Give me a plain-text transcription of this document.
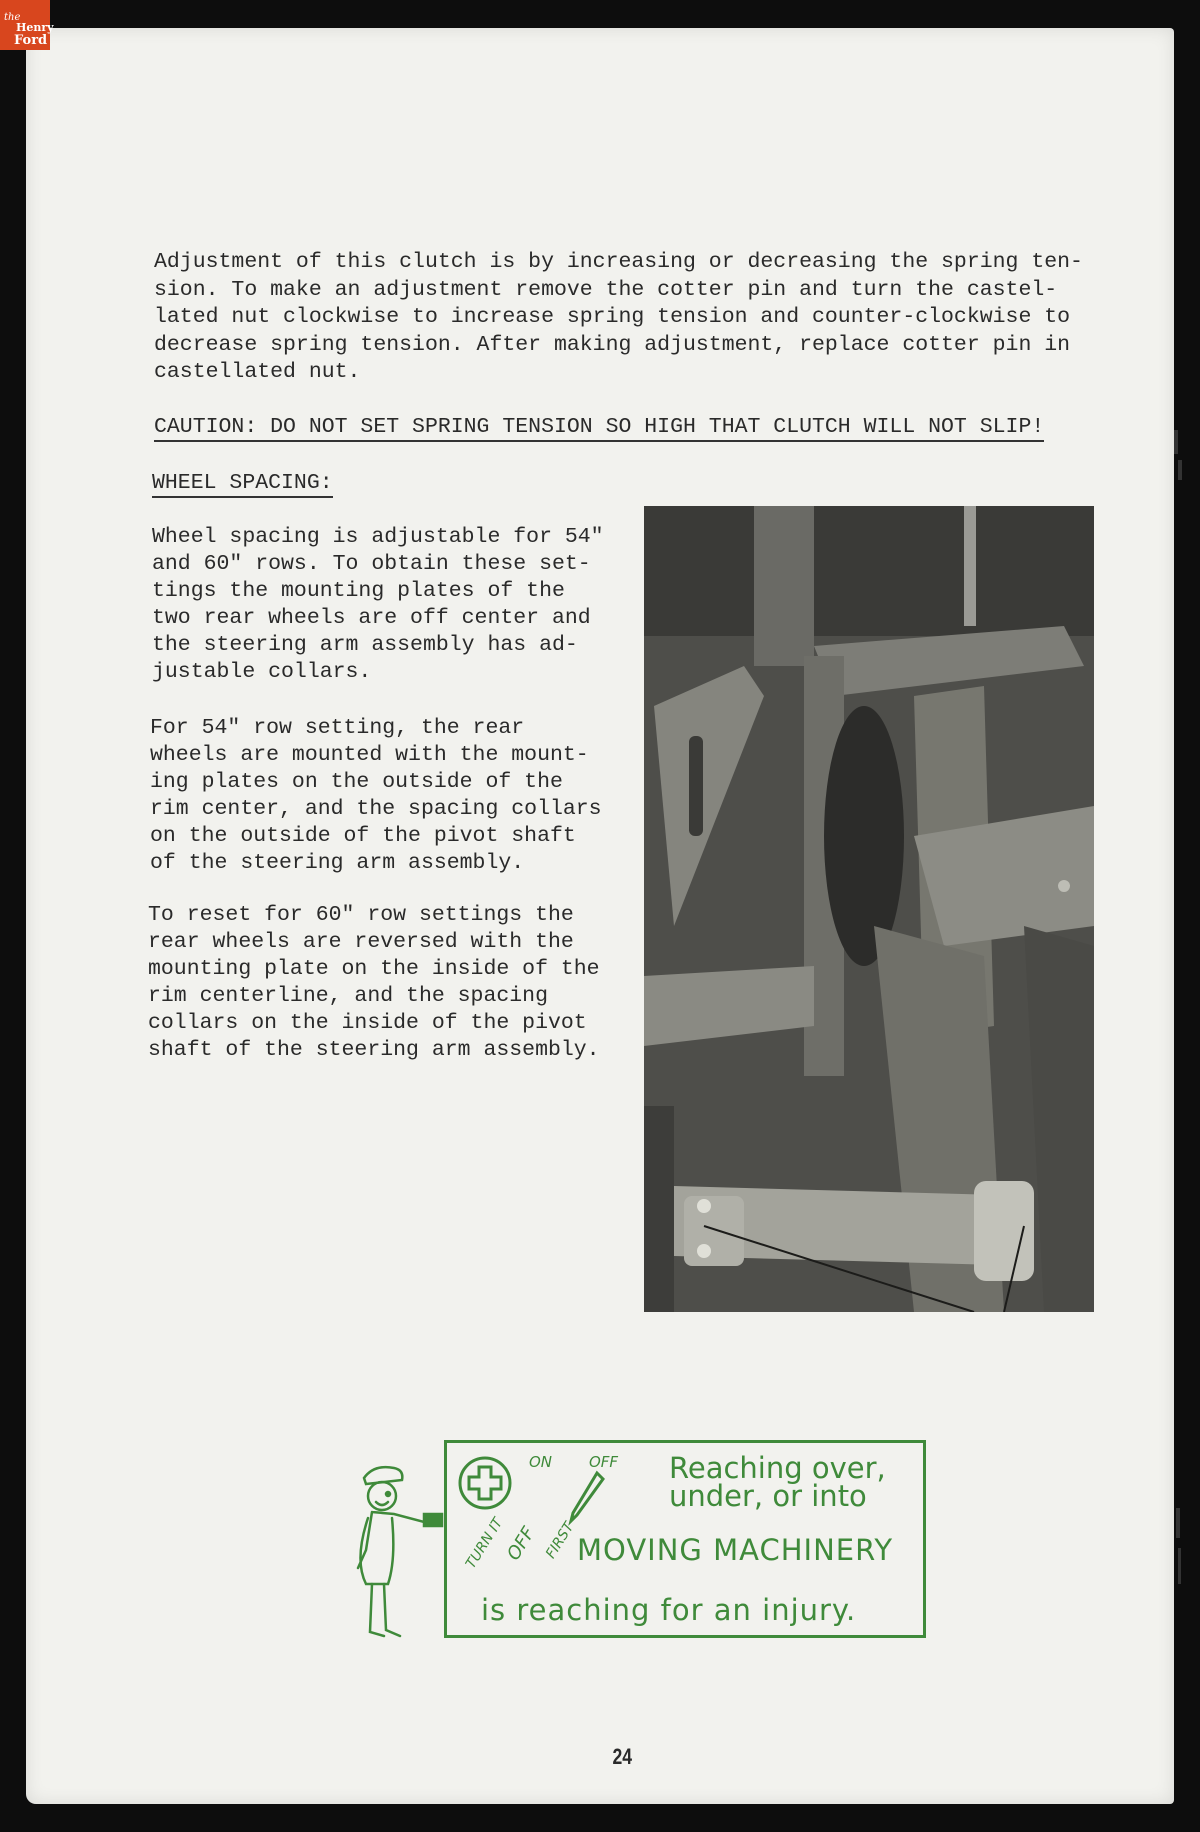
Adjustment of this clutch is by increasing or decreasing the spring ten-
sion. To make an adjustment remove the cotter pin and turn the castel-
lated nut clockwise to increase spring tension and counter-clockwise to
decrease spring tension. After making adjustment, replace cotter pin in
castellated nut.

CAUTION: DO NOT SET SPRING TENSION SO HIGH THAT CLUTCH WILL NOT SLIP!
WHEEL SPACING:

Wheel spacing is adjustable for 54"
and 60" rows. To obtain these set-
tings the mounting plates of the
two rear wheels are off center and
the steering arm assembly has ad-
justable collars.

For 54" row setting, the rear
wheels are mounted with the mount-
ing plates on the outside of the
rim center, and the spacing collars
on the outside of the pivot shaft
of the steering arm assembly.

To reset for 60" row settings the
rear wheels are reversed with the
mounting plate on the inside of the
rim centerline, and the spacing
collars on the inside of the pivot
shaft of the steering arm assembly.

ON OFF
TURN IT
OFF FIRST
Reaching over,
under, or into
MOVING MACHINERY
is reaching for an injury.
24
the
Henry
Ford
